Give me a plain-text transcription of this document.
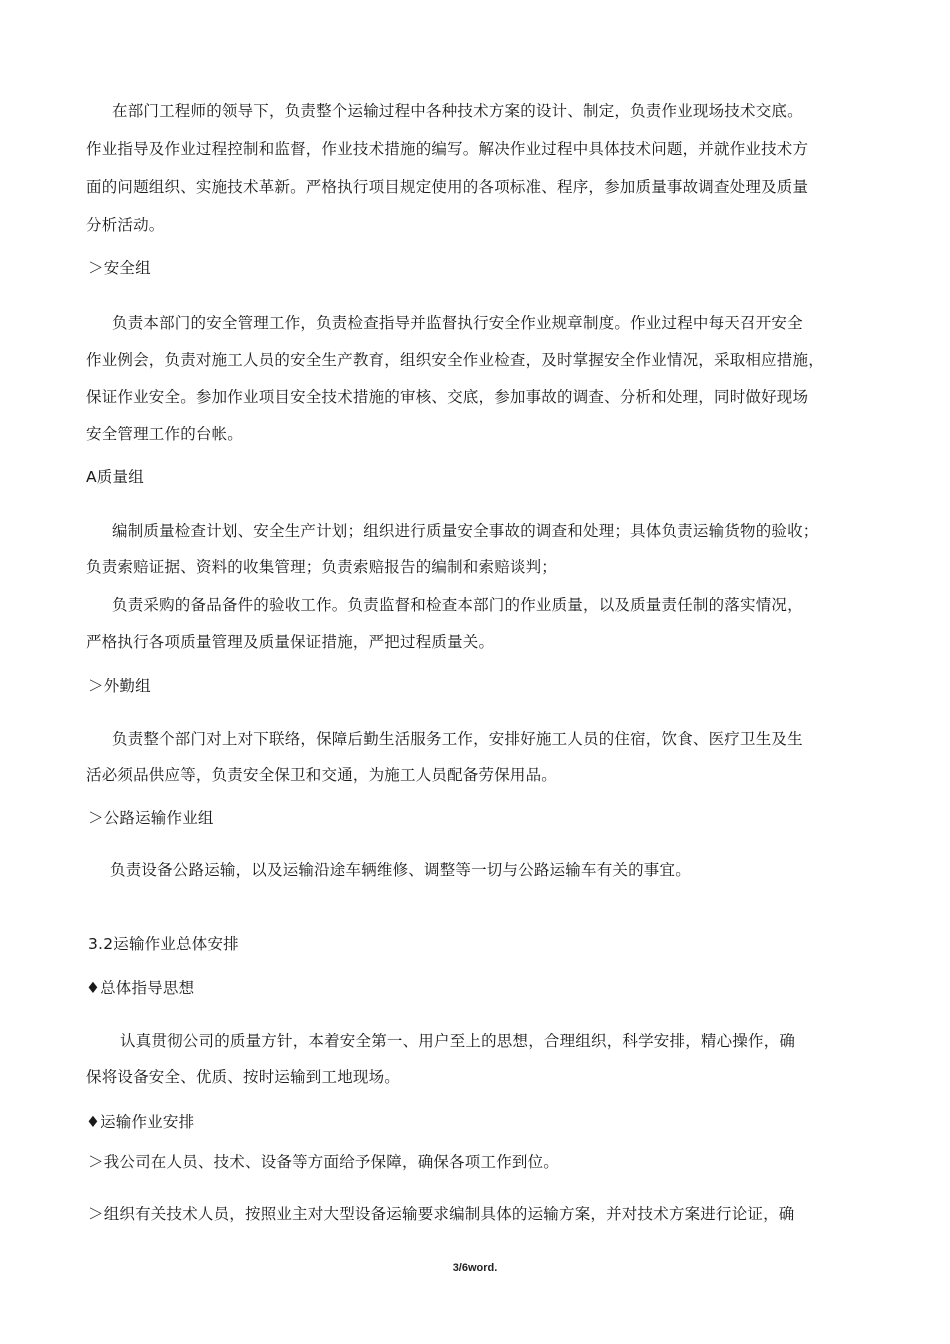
在部门工程师的领导下，负责整个运输过程中各种技术方案的设计、制定，负责作业现场技术交底。
作业指导及作业过程控制和监督，作业技术措施的编写。解决作业过程中具体技术问题，并就作业技术方
面的问题组织、实施技术革新。严格执行项目规定使用的各项标准、程序，参加质量事故调查处理及质量
分析活动。
＞安全组
负责本部门的安全管理工作，负责检查指导并监督执行安全作业规章制度。作业过程中每天召开安全
作业例会，负责对施工人员的安全生产教育，组织安全作业检查，及时掌握安全作业情况，采取相应措施，
保证作业安全。参加作业项目安全技术措施的审核、交底，参加事故的调查、分析和处理，同时做好现场
安全管理工作的台帐。
A质量组
编制质量检查计划、安全生产计划；组织进行质量安全事故的调查和处理；具体负责运输货物的验收；
负责索赔证据、资料的收集管理；负责索赔报告的编制和索赔谈判；
负责采购的备品备件的验收工作。负责监督和检查本部门的作业质量，以及质量责任制的落实情况，
严格执行各项质量管理及质量保证措施，严把过程质量关。
＞外勤组
负责整个部门对上对下联络，保障后勤生活服务工作，安排好施工人员的住宿，饮食、医疗卫生及生
活必须品供应等，负责安全保卫和交通，为施工人员配备劳保用品。
＞公路运输作业组
负责设备公路运输，以及运输沿途车辆维修、调整等一切与公路运输车有关的事宜。
3.2运输作业总体安排
♦总体指导思想
认真贯彻公司的质量方针，本着安全第一、用户至上的思想，合理组织，科学安排，精心操作，确
保将设备安全、优质、按时运输到工地现场。
♦运输作业安排
＞我公司在人员、技术、设备等方面给予保障，确保各项工作到位。
＞组织有关技术人员，按照业主对大型设备运输要求编制具体的运输方案，并对技术方案进行论证，确
3/6word.
